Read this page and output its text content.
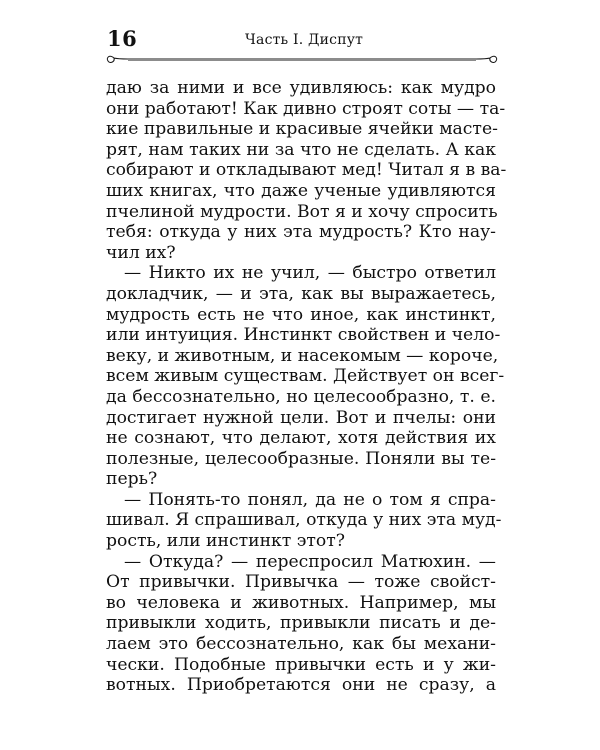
16	Часть I. Диспут
даю за ними и все удивляюсь: как мудро
они работают! Как дивно строят соты — та-
кие правильные и красивые ячейки мастe-
рят, нам таких ни за что не сделать. А как
собирают и откладывают мед! Читал я в ва-
ших книгах, что даже ученые удивляются
пчелиной мудрости. Вот я и хочу спросить
тебя: откуда у них эта мудрость? Кто нау-
чил их?
— Никто их не учил, — быстро ответил
докладчик, — и эта, как вы выражаетесь,
мудрость есть не что иное, как инстинкт,
или интуиция. Инстинкт свойствен и чело-
веку, и животным, и насекомым — короче,
всем живым существам. Действует он всег-
да бессознательно, но целесообразно, т. е.
достигает нужной цели. Вот и пчелы: они
не сознают, что делают, хотя действия их
полезные, целесообразные. Поняли вы те-
перь?
— Понять-то понял, да не о том я спра-
шивал. Я спрашивал, откуда у них эта муд-
рость, или инстинкт этот?
— Откуда? — переспросил Матюхин. —
От привычки. Привычка — тоже свойст-
во человека и животных. Например, мы
привыкли ходить, привыкли писать и де-
лаем это бессознательно, как бы механи-
чески. Подобные привычки есть и у жи-
вотных. Приобретаются они не сразу, а
